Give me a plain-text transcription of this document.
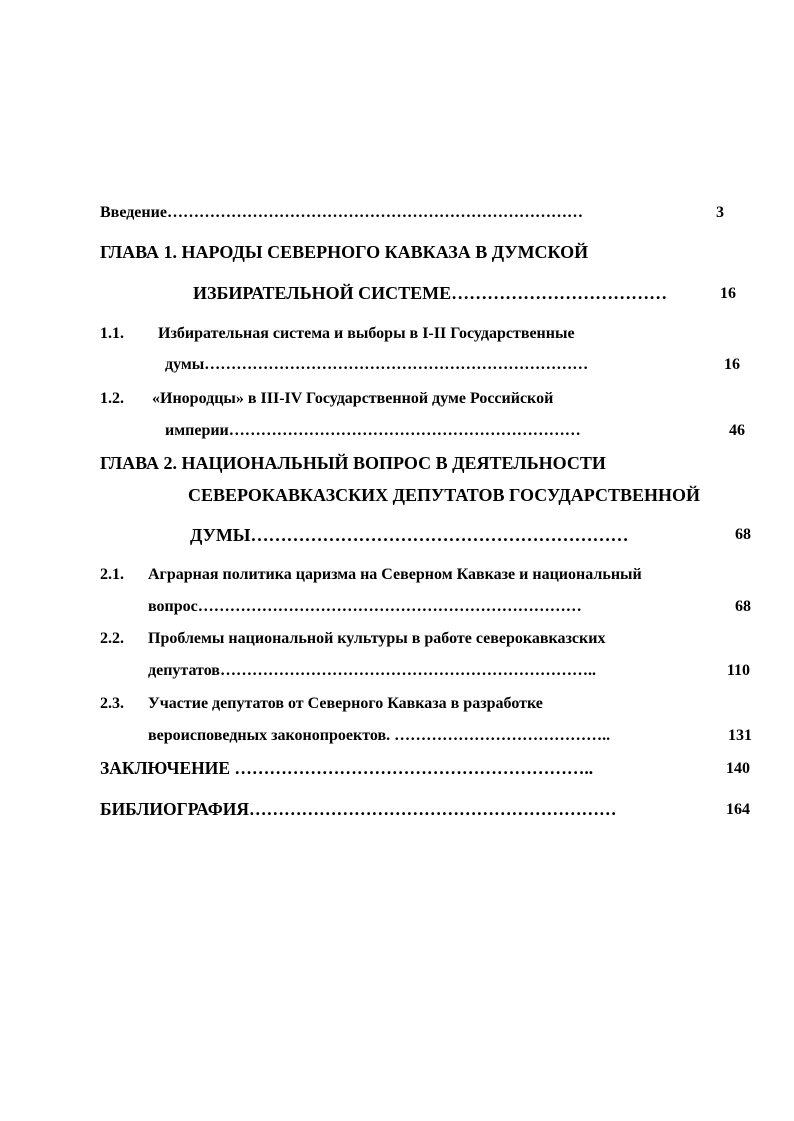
Введение……………………………………………………………………	3
ГЛАВА 1. НАРОДЫ СЕВЕРНОГО КАВКАЗА В ДУМСКОЙ
ИЗБИРАТЕЛЬНОЙ СИСТЕМЕ………………………………	16
1.1. Избирательная система и выборы в I-II Государственные
думы………………………………………………………………	16
1.2. «Инородцы» в III-IV Государственной думе Российской
империи…………………………………………………………	46
ГЛАВА 2. НАЦИОНАЛЬНЫЙ ВОПРОС В ДЕЯТЕЛЬНОСТИ
СЕВЕРОКАВКАЗСКИХ ДЕПУТАТОВ ГОСУДАРСТВЕННОЙ
ДУМЫ………………………………………………………	68
2.1. Аграрная политика царизма на Северном Кавказе и национальный
вопрос………………………………………………………………	68
2.2. Проблемы национальной культуры в работе северокавказских
депутатов……………………………………………………………..	110
2.3. Участие депутатов от Северного Кавказа в разработке
вероисповедных законопроектов. …………………………………..	131
ЗАКЛЮЧЕНИЕ ……………………………………………………..	140
БИБЛИОГРАФИЯ………………………………………………………	164
